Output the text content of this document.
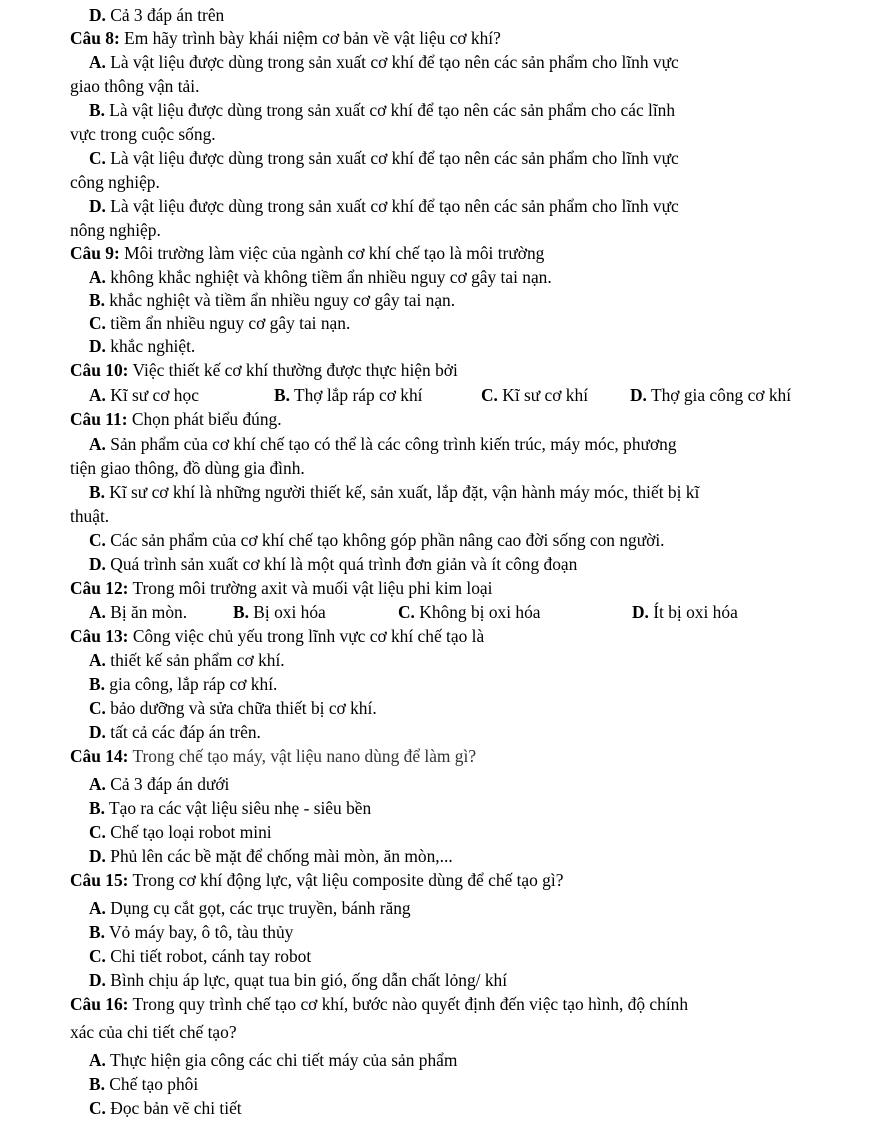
D. Cả 3 đáp án trên
Câu 8: Em hãy trình bày khái niệm cơ bản về vật liệu cơ khí?
A. Là vật liệu được dùng trong sản xuất cơ khí để tạo nên các sản phẩm cho lĩnh vực
giao thông vận tải.
B. Là vật liệu được dùng trong sản xuất cơ khí để tạo nên các sản phẩm cho các lĩnh
vực trong cuộc sống.
C. Là vật liệu được dùng trong sản xuất cơ khí để tạo nên các sản phẩm cho lĩnh vực
công nghiệp.
D. Là vật liệu được dùng trong sản xuất cơ khí để tạo nên các sản phẩm cho lĩnh vực
nông nghiệp.
Câu 9: Môi trường làm việc của ngành cơ khí chế tạo là môi trường
A. không khắc nghiệt và không tiềm ẩn nhiều nguy cơ gây tai nạn.
B. khắc nghiệt và tiềm ẩn nhiều nguy cơ gây tai nạn.
C. tiềm ẩn nhiều nguy cơ gây tai nạn.
D. khắc nghiệt.
Câu 10: Việc thiết kế cơ khí thường được thực hiện bởi
A. Kĩ sư cơ học	B. Thợ lắp ráp cơ khí	C. Kĩ sư cơ khí D. Thợ gia công cơ khí
Câu 11: Chọn phát biểu đúng.
A. Sản phẩm của cơ khí chế tạo có thể là các công trình kiến trúc, máy móc, phương
tiện giao thông, đồ dùng gia đình.
B. Kĩ sư cơ khí là những người thiết kế, sản xuất, lắp đặt, vận hành máy móc, thiết bị kĩ
thuật.
C. Các sản phẩm của cơ khí chế tạo không góp phần nâng cao đời sống con người.
D. Quá trình sản xuất cơ khí là một quá trình đơn giản và ít công đoạn
Câu 12: Trong môi trường axit và muối vật liệu phi kim loại
A. Bị ăn mòn.	B. Bị oxi hóa	C. Không bị oxi hóa	D. Ít bị oxi hóa
Câu 13: Công việc chủ yếu trong lĩnh vực cơ khí chế tạo là
A. thiết kế sản phẩm cơ khí.
B. gia công, lắp ráp cơ khí.
C. bảo dưỡng và sửa chữa thiết bị cơ khí.
D. tất cả các đáp án trên.
Câu 14: Trong chế tạo máy, vật liệu nano dùng để làm gì?
A. Cả 3 đáp án dưới
B. Tạo ra các vật liệu siêu nhẹ - siêu bền
C. Chế tạo loại robot mini
D. Phủ lên các bề mặt để chống mài mòn, ăn mòn,...
Câu 15: Trong cơ khí động lực, vật liệu composite dùng để chế tạo gì?
A. Dụng cụ cắt gọt, các trục truyền, bánh răng
B. Vỏ máy bay, ô tô, tàu thủy
C. Chi tiết robot, cánh tay robot
D. Bình chịu áp lực, quạt tua bin gió, ống dẫn chất lỏng/ khí
Câu 16: Trong quy trình chế tạo cơ khí, bước nào quyết định đến việc tạo hình, độ chính
xác của chi tiết chế tạo?
A. Thực hiện gia công các chi tiết máy của sản phẩm
B. Chế tạo phôi
C. Đọc bản vẽ chi tiết
